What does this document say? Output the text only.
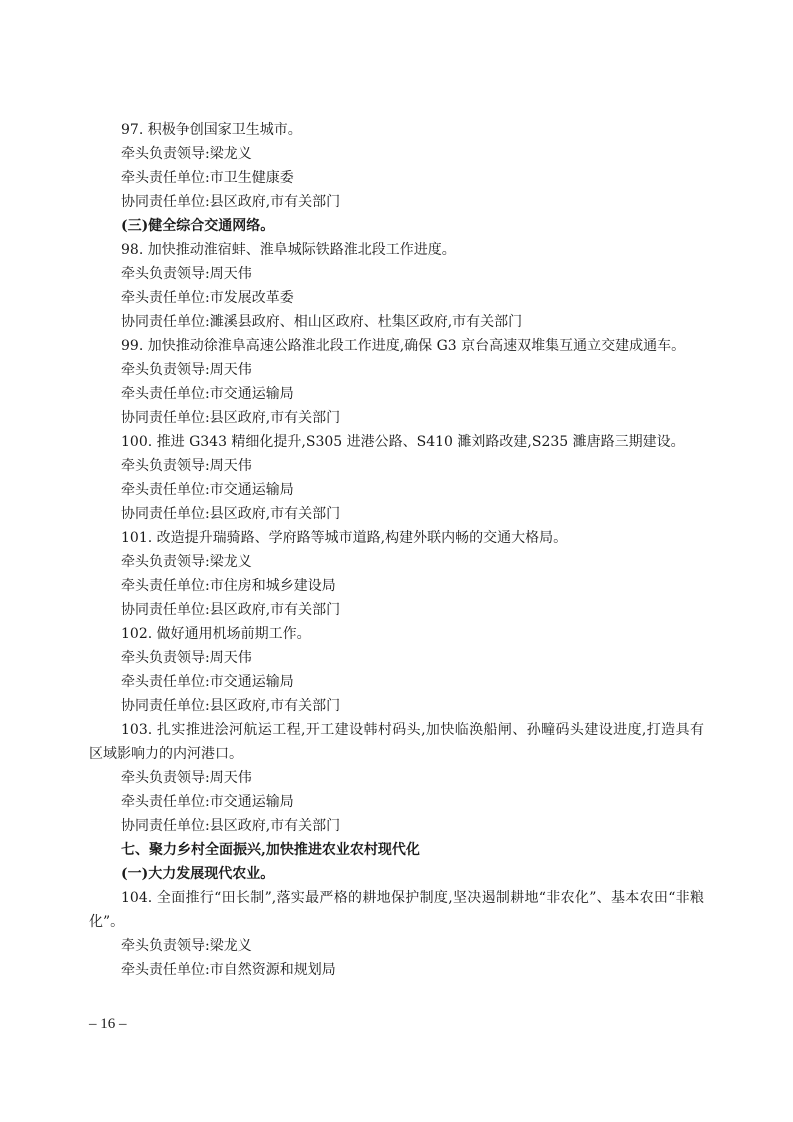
97. 积极争创国家卫生城市。
牵头负责领导:梁龙义
牵头责任单位:市卫生健康委
协同责任单位:县区政府,市有关部门
(三)健全综合交通网络。
98. 加快推动淮宿蚌、淮阜城际铁路淮北段工作进度。
牵头负责领导:周天伟
牵头责任单位:市发展改革委
协同责任单位:濉溪县政府、相山区政府、杜集区政府,市有关部门
99. 加快推动徐淮阜高速公路淮北段工作进度,确保 G3 京台高速双堆集互通立交建成通车。
牵头负责领导:周天伟
牵头责任单位:市交通运输局
协同责任单位:县区政府,市有关部门
100. 推进 G343 精细化提升,S305 进港公路、S410 濉刘路改建,S235 濉唐路三期建设。
牵头负责领导:周天伟
牵头责任单位:市交通运输局
协同责任单位:县区政府,市有关部门
101. 改造提升瑞骑路、学府路等城市道路,构建外联内畅的交通大格局。
牵头负责领导:梁龙义
牵头责任单位:市住房和城乡建设局
协同责任单位:县区政府,市有关部门
102. 做好通用机场前期工作。
牵头负责领导:周天伟
牵头责任单位:市交通运输局
协同责任单位:县区政府,市有关部门
103. 扎实推进浍河航运工程,开工建设韩村码头,加快临涣船闸、孙疃码头建设进度,打造具有
区域影响力的内河港口。
牵头负责领导:周天伟
牵头责任单位:市交通运输局
协同责任单位:县区政府,市有关部门
七、聚力乡村全面振兴,加快推进农业农村现代化
(一)大力发展现代农业。
104. 全面推行“田长制”,落实最严格的耕地保护制度,坚决遏制耕地“非农化”、基本农田“非粮
化”。
牵头负责领导:梁龙义
牵头责任单位:市自然资源和规划局
– 16 –
